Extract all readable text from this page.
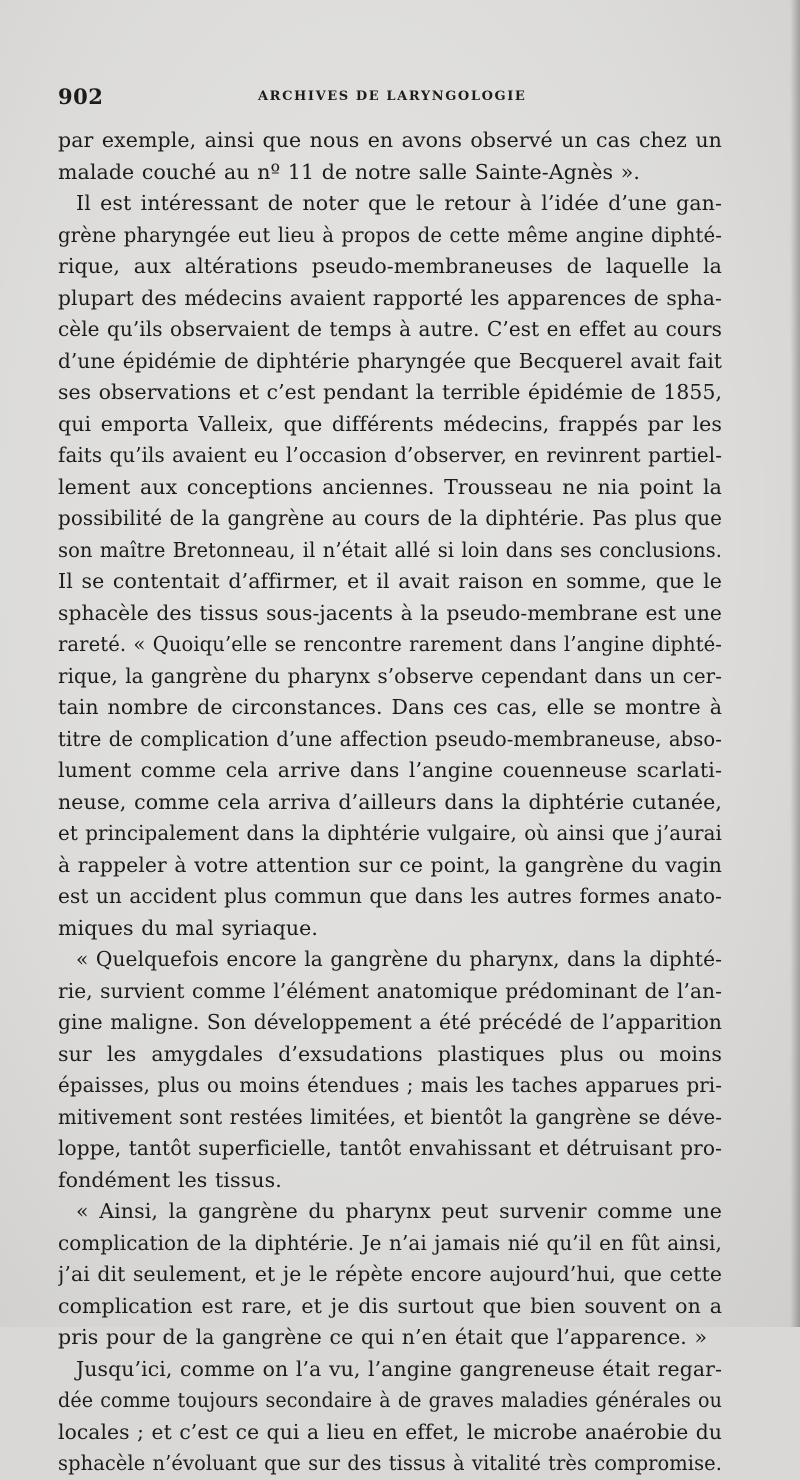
902	ARCHIVES DE LARYNGOLOGIE
par exemple, ainsi que nous en avons observé un cas chez un
malade couché au nº 11 de notre salle Sainte-Agnès ».
Il est intéressant de noter que le retour à l’idée d’une gan-
grène pharyngée eut lieu à propos de cette même angine diphté-
rique, aux altérations pseudo-membraneuses de laquelle la
plupart des médecins avaient rapporté les apparences de spha-
cèle qu’ils observaient de temps à autre. C’est en effet au cours
d’une épidémie de diphtérie pharyngée que Becquerel avait fait
ses observations et c’est pendant la terrible épidémie de 1855,
qui emporta Valleix, que différents médecins, frappés par les
faits qu’ils avaient eu l’occasion d’observer, en revinrent partiel-
lement aux conceptions anciennes. Trousseau ne nia point la
possibilité de la gangrène au cours de la diphtérie. Pas plus que
son maître Bretonneau, il n’était allé si loin dans ses conclusions.
Il se contentait d’affirmer, et il avait raison en somme, que le
sphacèle des tissus sous-jacents à la pseudo-membrane est une
rareté. « Quoiqu’elle se rencontre rarement dans l’angine diphté-
rique, la gangrène du pharynx s’observe cependant dans un cer-
tain nombre de circonstances. Dans ces cas, elle se montre à
titre de complication d’une affection pseudo-membraneuse, abso-
lument comme cela arrive dans l’angine couenneuse scarlati-
neuse, comme cela arriva d’ailleurs dans la diphtérie cutanée,
et principalement dans la diphtérie vulgaire, où ainsi que j’aurai
à rappeler à votre attention sur ce point, la gangrène du vagin
est un accident plus commun que dans les autres formes anato-
miques du mal syriaque.
« Quelquefois encore la gangrène du pharynx, dans la diphté-
rie, survient comme l’élément anatomique prédominant de l’an-
gine maligne. Son développement a été précédé de l’apparition
sur les amygdales d’exsudations plastiques plus ou moins
épaisses, plus ou moins étendues ; mais les taches apparues pri-
mitivement sont restées limitées, et bientôt la gangrène se déve-
loppe, tantôt superficielle, tantôt envahissant et détruisant pro-
fondément les tissus.
« Ainsi, la gangrène du pharynx peut survenir comme une
complication de la diphtérie. Je n’ai jamais nié qu’il en fût ainsi,
j’ai dit seulement, et je le répète encore aujourd’hui, que cette
complication est rare, et je dis surtout que bien souvent on a
pris pour de la gangrène ce qui n’en était que l’apparence. »
Jusqu’ici, comme on l’a vu, l’angine gangreneuse était regar-
dée comme toujours secondaire à de graves maladies générales ou
locales ; et c’est ce qui a lieu en effet, le microbe anaérobie du
sphacèle n’évoluant que sur des tissus à vitalité très compromise.
